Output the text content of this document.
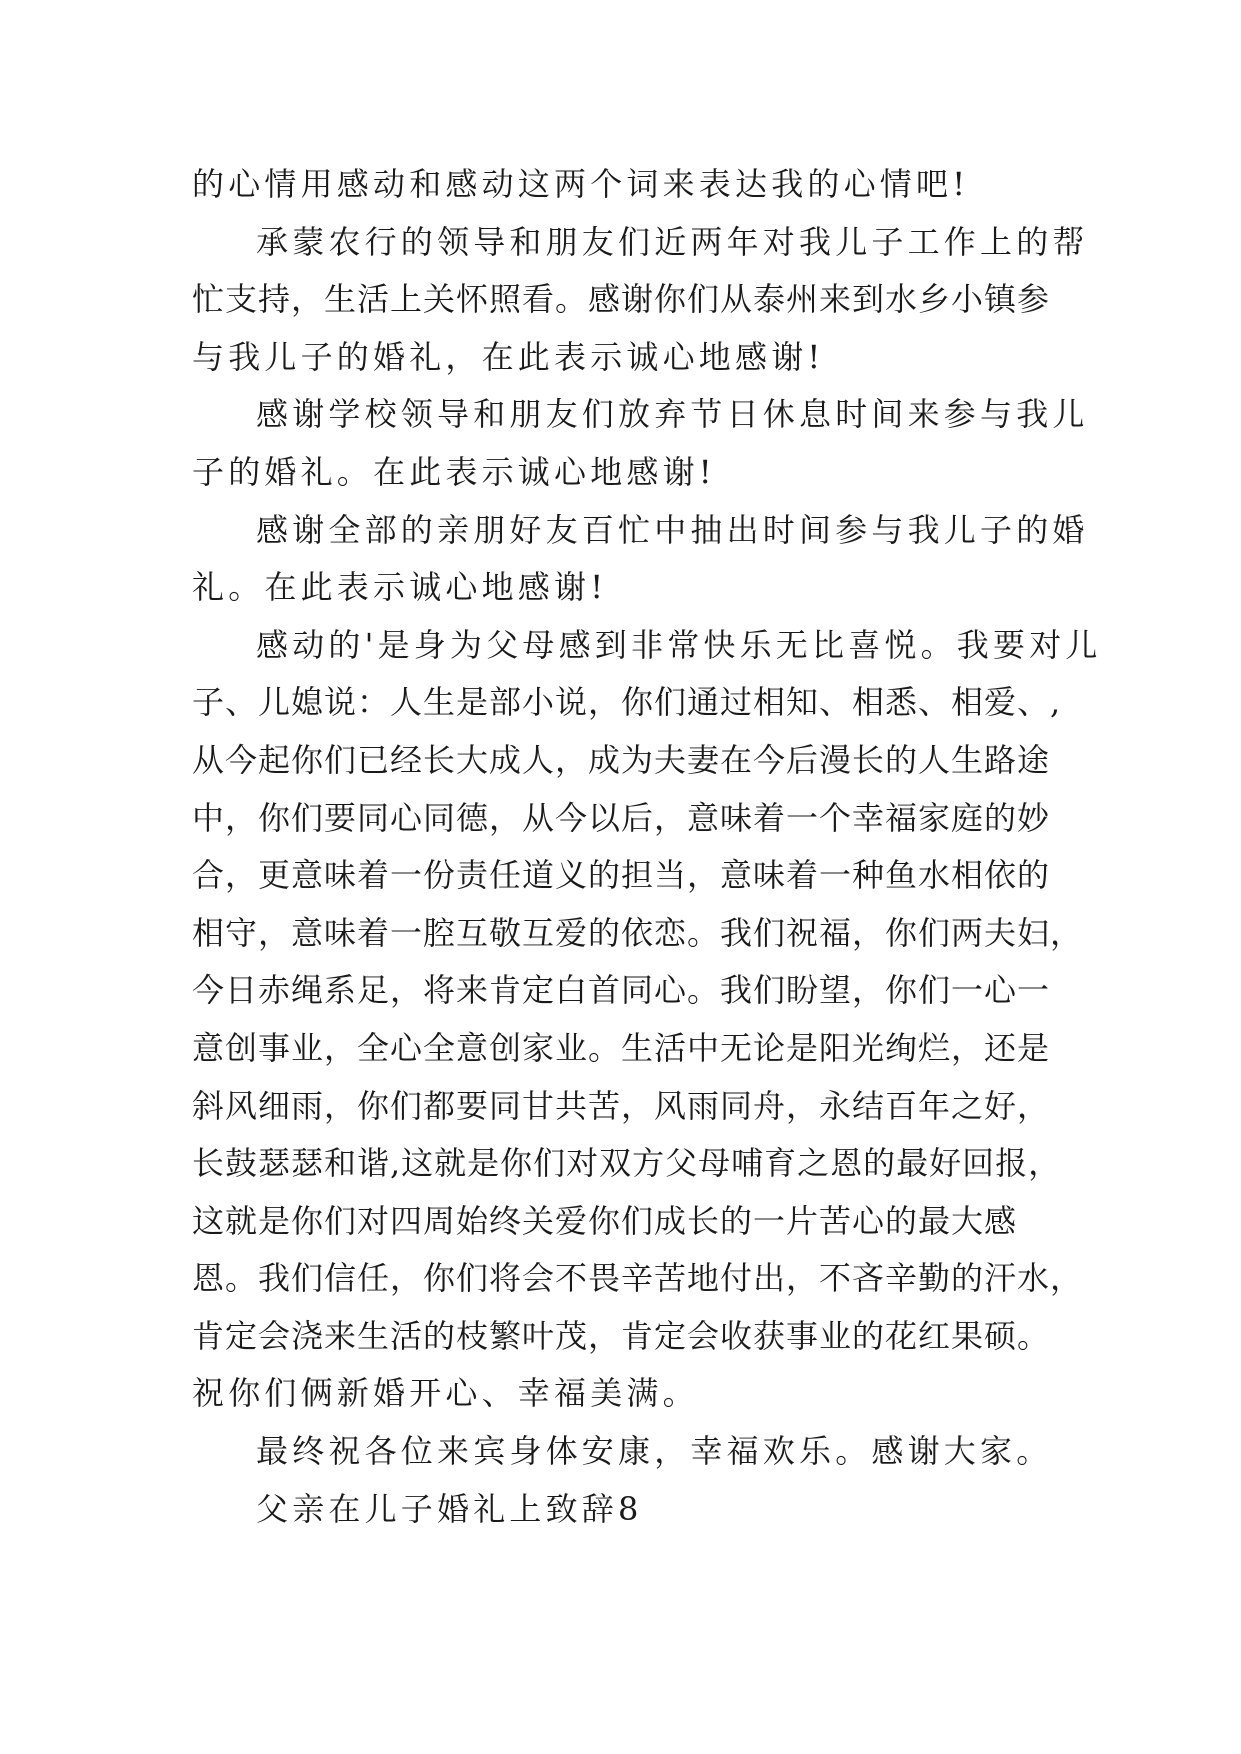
的心情用感动和感动这两个词来表达我的心情吧!
承蒙农行的领导和朋友们近两年对我儿子工作上的帮
忙支持，生活上关怀照看。感谢你们从泰州来到水乡小镇参
与我儿子的婚礼，在此表示诚心地感谢!
感谢学校领导和朋友们放弃节日休息时间来参与我儿
子的婚礼。在此表示诚心地感谢!
感谢全部的亲朋好友百忙中抽出时间参与我儿子的婚
礼。在此表示诚心地感谢!
感动的'是身为父母感到非常快乐无比喜悦。我要对儿
子、儿媳说：人生是部小说，你们通过相知、相悉、相爱、,
从今起你们已经长大成人，成为夫妻在今后漫长的人生路途
中，你们要同心同德，从今以后，意味着一个幸福家庭的妙
合，更意味着一份责任道义的担当，意味着一种鱼水相依的
相守，意味着一腔互敬互爱的依恋。我们祝福，你们两夫妇，
今日赤绳系足，将来肯定白首同心。我们盼望，你们一心一
意创事业，全心全意创家业。生活中无论是阳光绚烂，还是
斜风细雨，你们都要同甘共苦，风雨同舟，永结百年之好，
长鼓瑟瑟和谐,这就是你们对双方父母哺育之恩的最好回报，
这就是你们对四周始终关爱你们成长的一片苦心的最大感
恩。我们信任，你们将会不畏辛苦地付出，不吝辛勤的汗水，
肯定会浇来生活的枝繁叶茂，肯定会收获事业的花红果硕。
祝你们俩新婚开心、幸福美满。
最终祝各位来宾身体安康，幸福欢乐。感谢大家。
父亲在儿子婚礼上致辞8
